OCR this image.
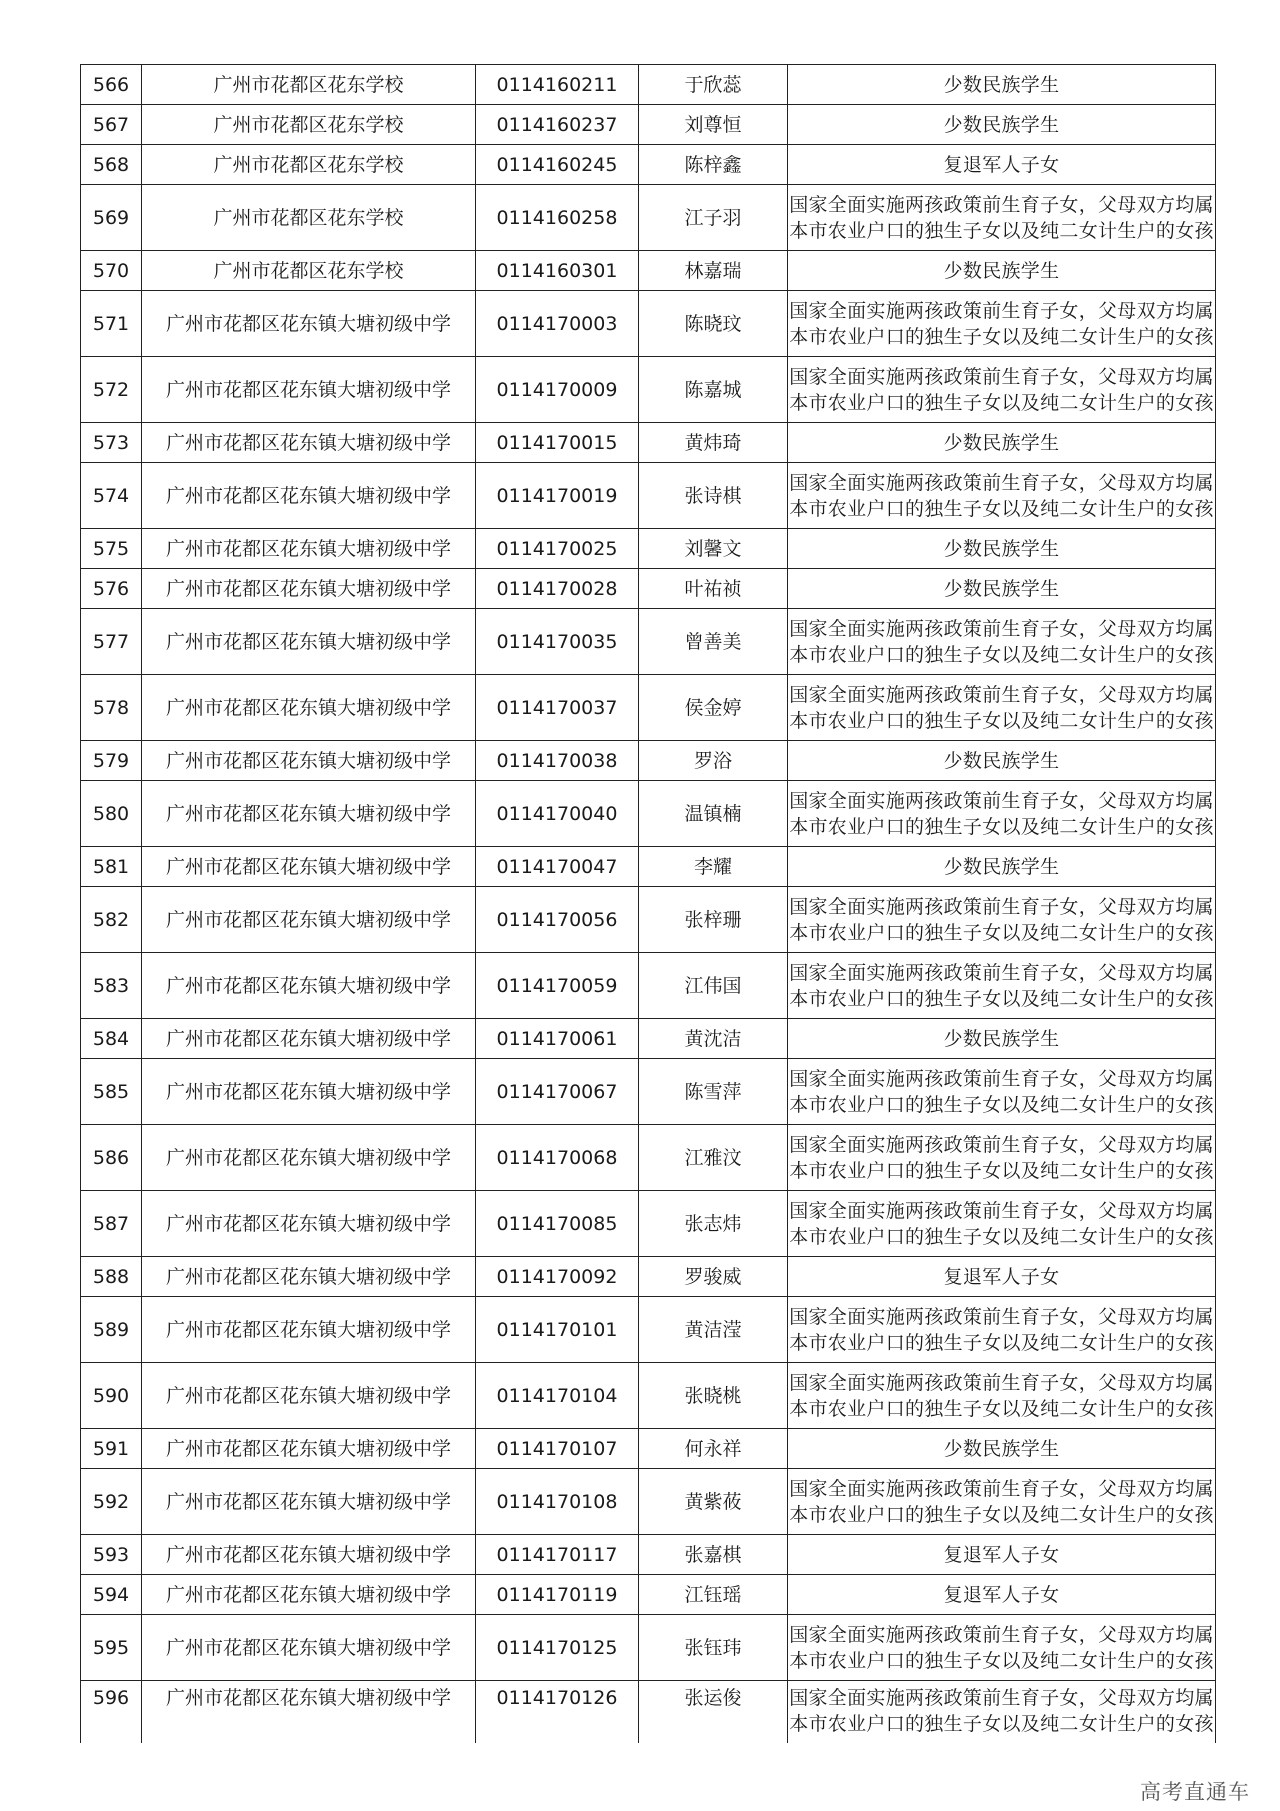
566	广州市花都区花东学校	0114160211	于欣蕊	少数民族学生

567	广州市花都区花东学校	0114160237	刘尊恒	少数民族学生

568	广州市花都区花东学校	0114160245	陈梓鑫	复退军人子女

569	广州市花都区花东学校	0114160258	江子羽	国家全面实施两孩政策前生育子女，父母双方均属
本市农业户口的独生子女以及纯二女计生户的女孩

570	广州市花都区花东学校	0114160301	林嘉瑞	少数民族学生

571	广州市花都区花东镇大塘初级中学	0114170003	陈晓玟	国家全面实施两孩政策前生育子女，父母双方均属
本市农业户口的独生子女以及纯二女计生户的女孩

572	广州市花都区花东镇大塘初级中学	0114170009	陈嘉城	国家全面实施两孩政策前生育子女，父母双方均属
本市农业户口的独生子女以及纯二女计生户的女孩

573	广州市花都区花东镇大塘初级中学	0114170015	黄炜琦	少数民族学生

574	广州市花都区花东镇大塘初级中学	0114170019	张诗棋	国家全面实施两孩政策前生育子女，父母双方均属
本市农业户口的独生子女以及纯二女计生户的女孩

575	广州市花都区花东镇大塘初级中学	0114170025	刘馨文	少数民族学生

576	广州市花都区花东镇大塘初级中学	0114170028	叶祐祯	少数民族学生

577	广州市花都区花东镇大塘初级中学	0114170035	曾善美	国家全面实施两孩政策前生育子女，父母双方均属
本市农业户口的独生子女以及纯二女计生户的女孩

578	广州市花都区花东镇大塘初级中学	0114170037	侯金婷	国家全面实施两孩政策前生育子女，父母双方均属
本市农业户口的独生子女以及纯二女计生户的女孩

579	广州市花都区花东镇大塘初级中学	0114170038	罗浴	少数民族学生

580	广州市花都区花东镇大塘初级中学	0114170040	温镇楠	国家全面实施两孩政策前生育子女，父母双方均属
本市农业户口的独生子女以及纯二女计生户的女孩

581	广州市花都区花东镇大塘初级中学	0114170047	李耀	少数民族学生

582	广州市花都区花东镇大塘初级中学	0114170056	张梓珊	国家全面实施两孩政策前生育子女，父母双方均属
本市农业户口的独生子女以及纯二女计生户的女孩

583	广州市花都区花东镇大塘初级中学	0114170059	江伟国	国家全面实施两孩政策前生育子女，父母双方均属
本市农业户口的独生子女以及纯二女计生户的女孩

584	广州市花都区花东镇大塘初级中学	0114170061	黄沈洁	少数民族学生

585	广州市花都区花东镇大塘初级中学	0114170067	陈雪萍	国家全面实施两孩政策前生育子女，父母双方均属
本市农业户口的独生子女以及纯二女计生户的女孩

586	广州市花都区花东镇大塘初级中学	0114170068	江雅汶	国家全面实施两孩政策前生育子女，父母双方均属
本市农业户口的独生子女以及纯二女计生户的女孩

587	广州市花都区花东镇大塘初级中学	0114170085	张志炜	国家全面实施两孩政策前生育子女，父母双方均属
本市农业户口的独生子女以及纯二女计生户的女孩

588	广州市花都区花东镇大塘初级中学	0114170092	罗骏威	复退军人子女

589	广州市花都区花东镇大塘初级中学	0114170101	黄洁滢	国家全面实施两孩政策前生育子女，父母双方均属
本市农业户口的独生子女以及纯二女计生户的女孩

590	广州市花都区花东镇大塘初级中学	0114170104	张晓桃	国家全面实施两孩政策前生育子女，父母双方均属
本市农业户口的独生子女以及纯二女计生户的女孩

591	广州市花都区花东镇大塘初级中学	0114170107	何永祥	少数民族学生

592	广州市花都区花东镇大塘初级中学	0114170108	黄紫莜	国家全面实施两孩政策前生育子女，父母双方均属
本市农业户口的独生子女以及纯二女计生户的女孩

593	广州市花都区花东镇大塘初级中学	0114170117	张嘉棋	复退军人子女

594	广州市花都区花东镇大塘初级中学	0114170119	江钰瑶	复退军人子女

595	广州市花都区花东镇大塘初级中学	0114170125	张钰玮	国家全面实施两孩政策前生育子女，父母双方均属
本市农业户口的独生子女以及纯二女计生户的女孩

596	广州市花都区花东镇大塘初级中学	0114170126	张运俊	国家全面实施两孩政策前生育子女，父母双方均属
本市农业户口的独生子女以及纯二女计生户的女孩
高考直通车
